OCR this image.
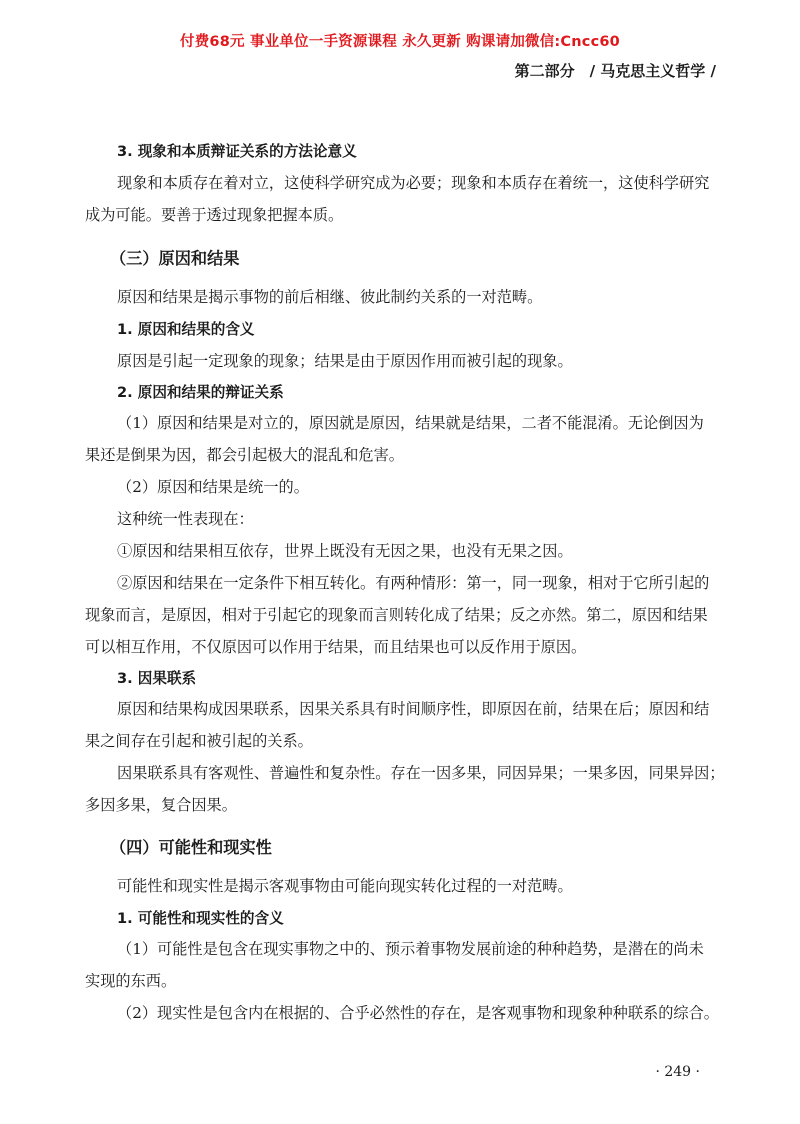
付费68元 事业单位一手资源课程 永久更新 购课请加微信:Cncc60
第二部分　/ 马克思主义哲学 /
3. 现象和本质辩证关系的方法论意义
现象和本质存在着对立，这使科学研究成为必要；现象和本质存在着统一，这使科学研究
成为可能。要善于透过现象把握本质。
（三）原因和结果
原因和结果是揭示事物的前后相继、彼此制约关系的一对范畴。
1. 原因和结果的含义
原因是引起一定现象的现象；结果是由于原因作用而被引起的现象。
2. 原因和结果的辩证关系
（1）原因和结果是对立的，原因就是原因，结果就是结果，二者不能混淆。无论倒因为
果还是倒果为因，都会引起极大的混乱和危害。
（2）原因和结果是统一的。
这种统一性表现在：
①原因和结果相互依存，世界上既没有无因之果，也没有无果之因。
②原因和结果在一定条件下相互转化。有两种情形：第一，同一现象，相对于它所引起的
现象而言，是原因，相对于引起它的现象而言则转化成了结果；反之亦然。第二，原因和结果
可以相互作用，不仅原因可以作用于结果，而且结果也可以反作用于原因。
3. 因果联系
原因和结果构成因果联系，因果关系具有时间顺序性，即原因在前，结果在后；原因和结
果之间存在引起和被引起的关系。
因果联系具有客观性、普遍性和复杂性。存在一因多果，同因异果；一果多因，同果异因；
多因多果，复合因果。
（四）可能性和现实性
可能性和现实性是揭示客观事物由可能向现实转化过程的一对范畴。
1. 可能性和现实性的含义
（1）可能性是包含在现实事物之中的、预示着事物发展前途的种种趋势，是潜在的尚未
实现的东西。
（2）现实性是包含内在根据的、合乎必然性的存在，是客观事物和现象种种联系的综合。
· 249 ·
